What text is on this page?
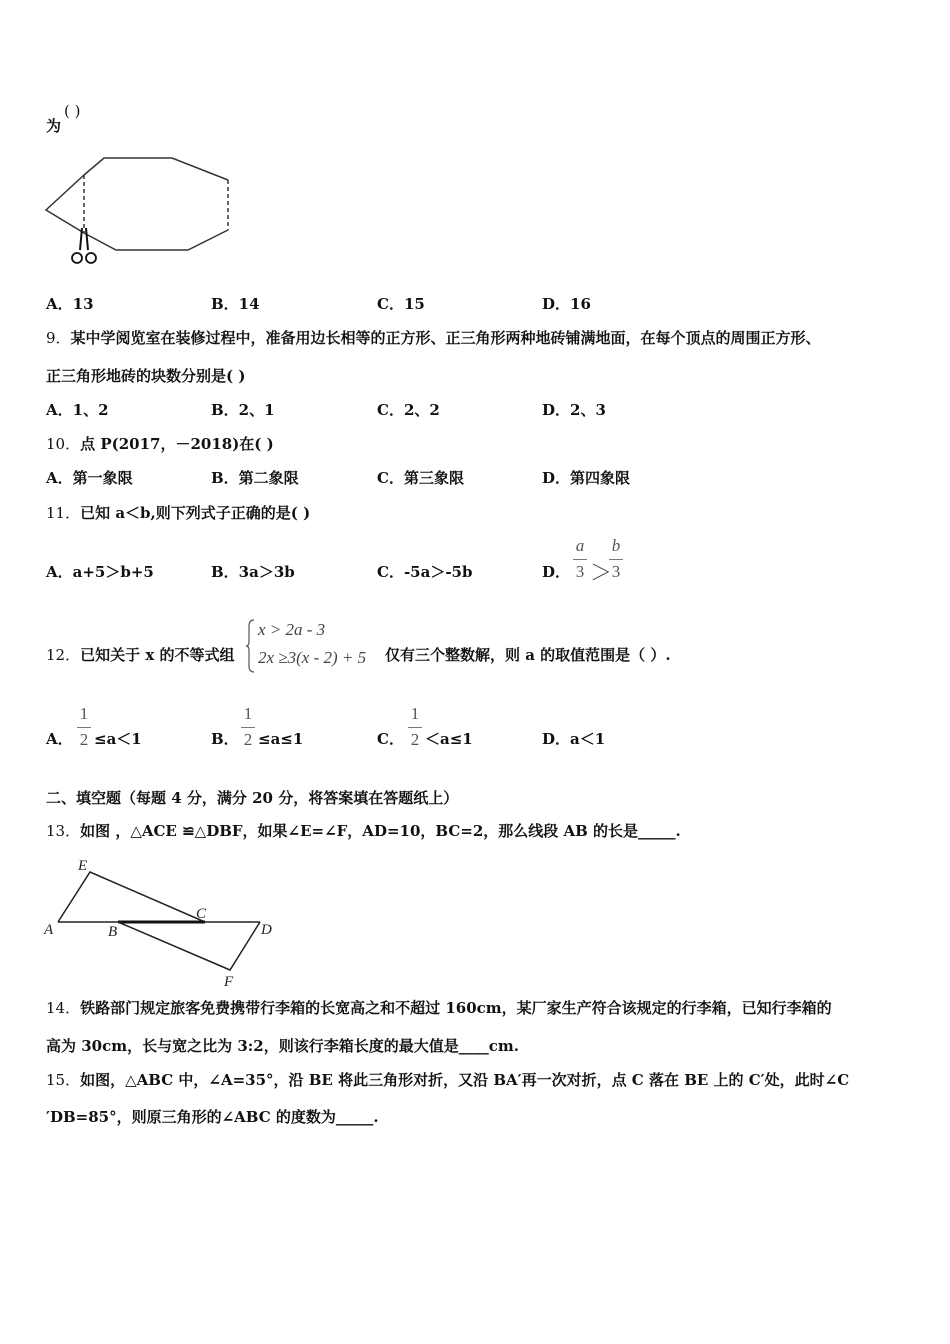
为
( )
A．13	B．14	C．15	D．16
9．某中学阅览室在装修过程中，准备用边长相等的正方形、正三角形两种地砖铺满地面，在每个顶点的周围正方形、
正三角形地砖的块数分别是( )
A．1、2	B．2、1	C．2、2	D．2、3
10．点 P(2017，－2018)在( )
A．第一象限	B．第二象限	C．第三象限	D．第四象限
11．已知 a＜b,则下列式子正确的是( )
A．a+5＞b+5	B．3a＞3b	C．-5a＞-5b	D．
a
3 ＞
b
3
12．已知关于 x 的不等式组
x > 2a - 3
2x ≥3(x - 2) + 5 仅有三个整数解，则 a 的取值范围是（ ）.
A．
1
2 ≤a＜1	B．
1
2 ≤a≤1	C．
1
2 ＜a≤1	D．a＜1
二、填空题（每题 4 分，满分 20 分，将答案填在答题纸上）
13．如图 ，△ACE ≌△DBF，如果∠E=∠F，AD=10，BC=2，那么线段 AB 的长是_____.
E
A	B
C
D
F
14．铁路部门规定旅客免费携带行李箱的长宽高之和不超过 160cm，某厂家生产符合该规定的行李箱，已知行李箱的
高为 30cm，长与宽之比为 3:2，则该行李箱长度的最大值是____cm.
15．如图，△ABC 中，∠A=35°，沿 BE 将此三角形对折，又沿 BA′再一次对折，点 C 落在 BE 上的 C′处，此时∠C
′DB=85°，则原三角形的∠ABC 的度数为_____.
